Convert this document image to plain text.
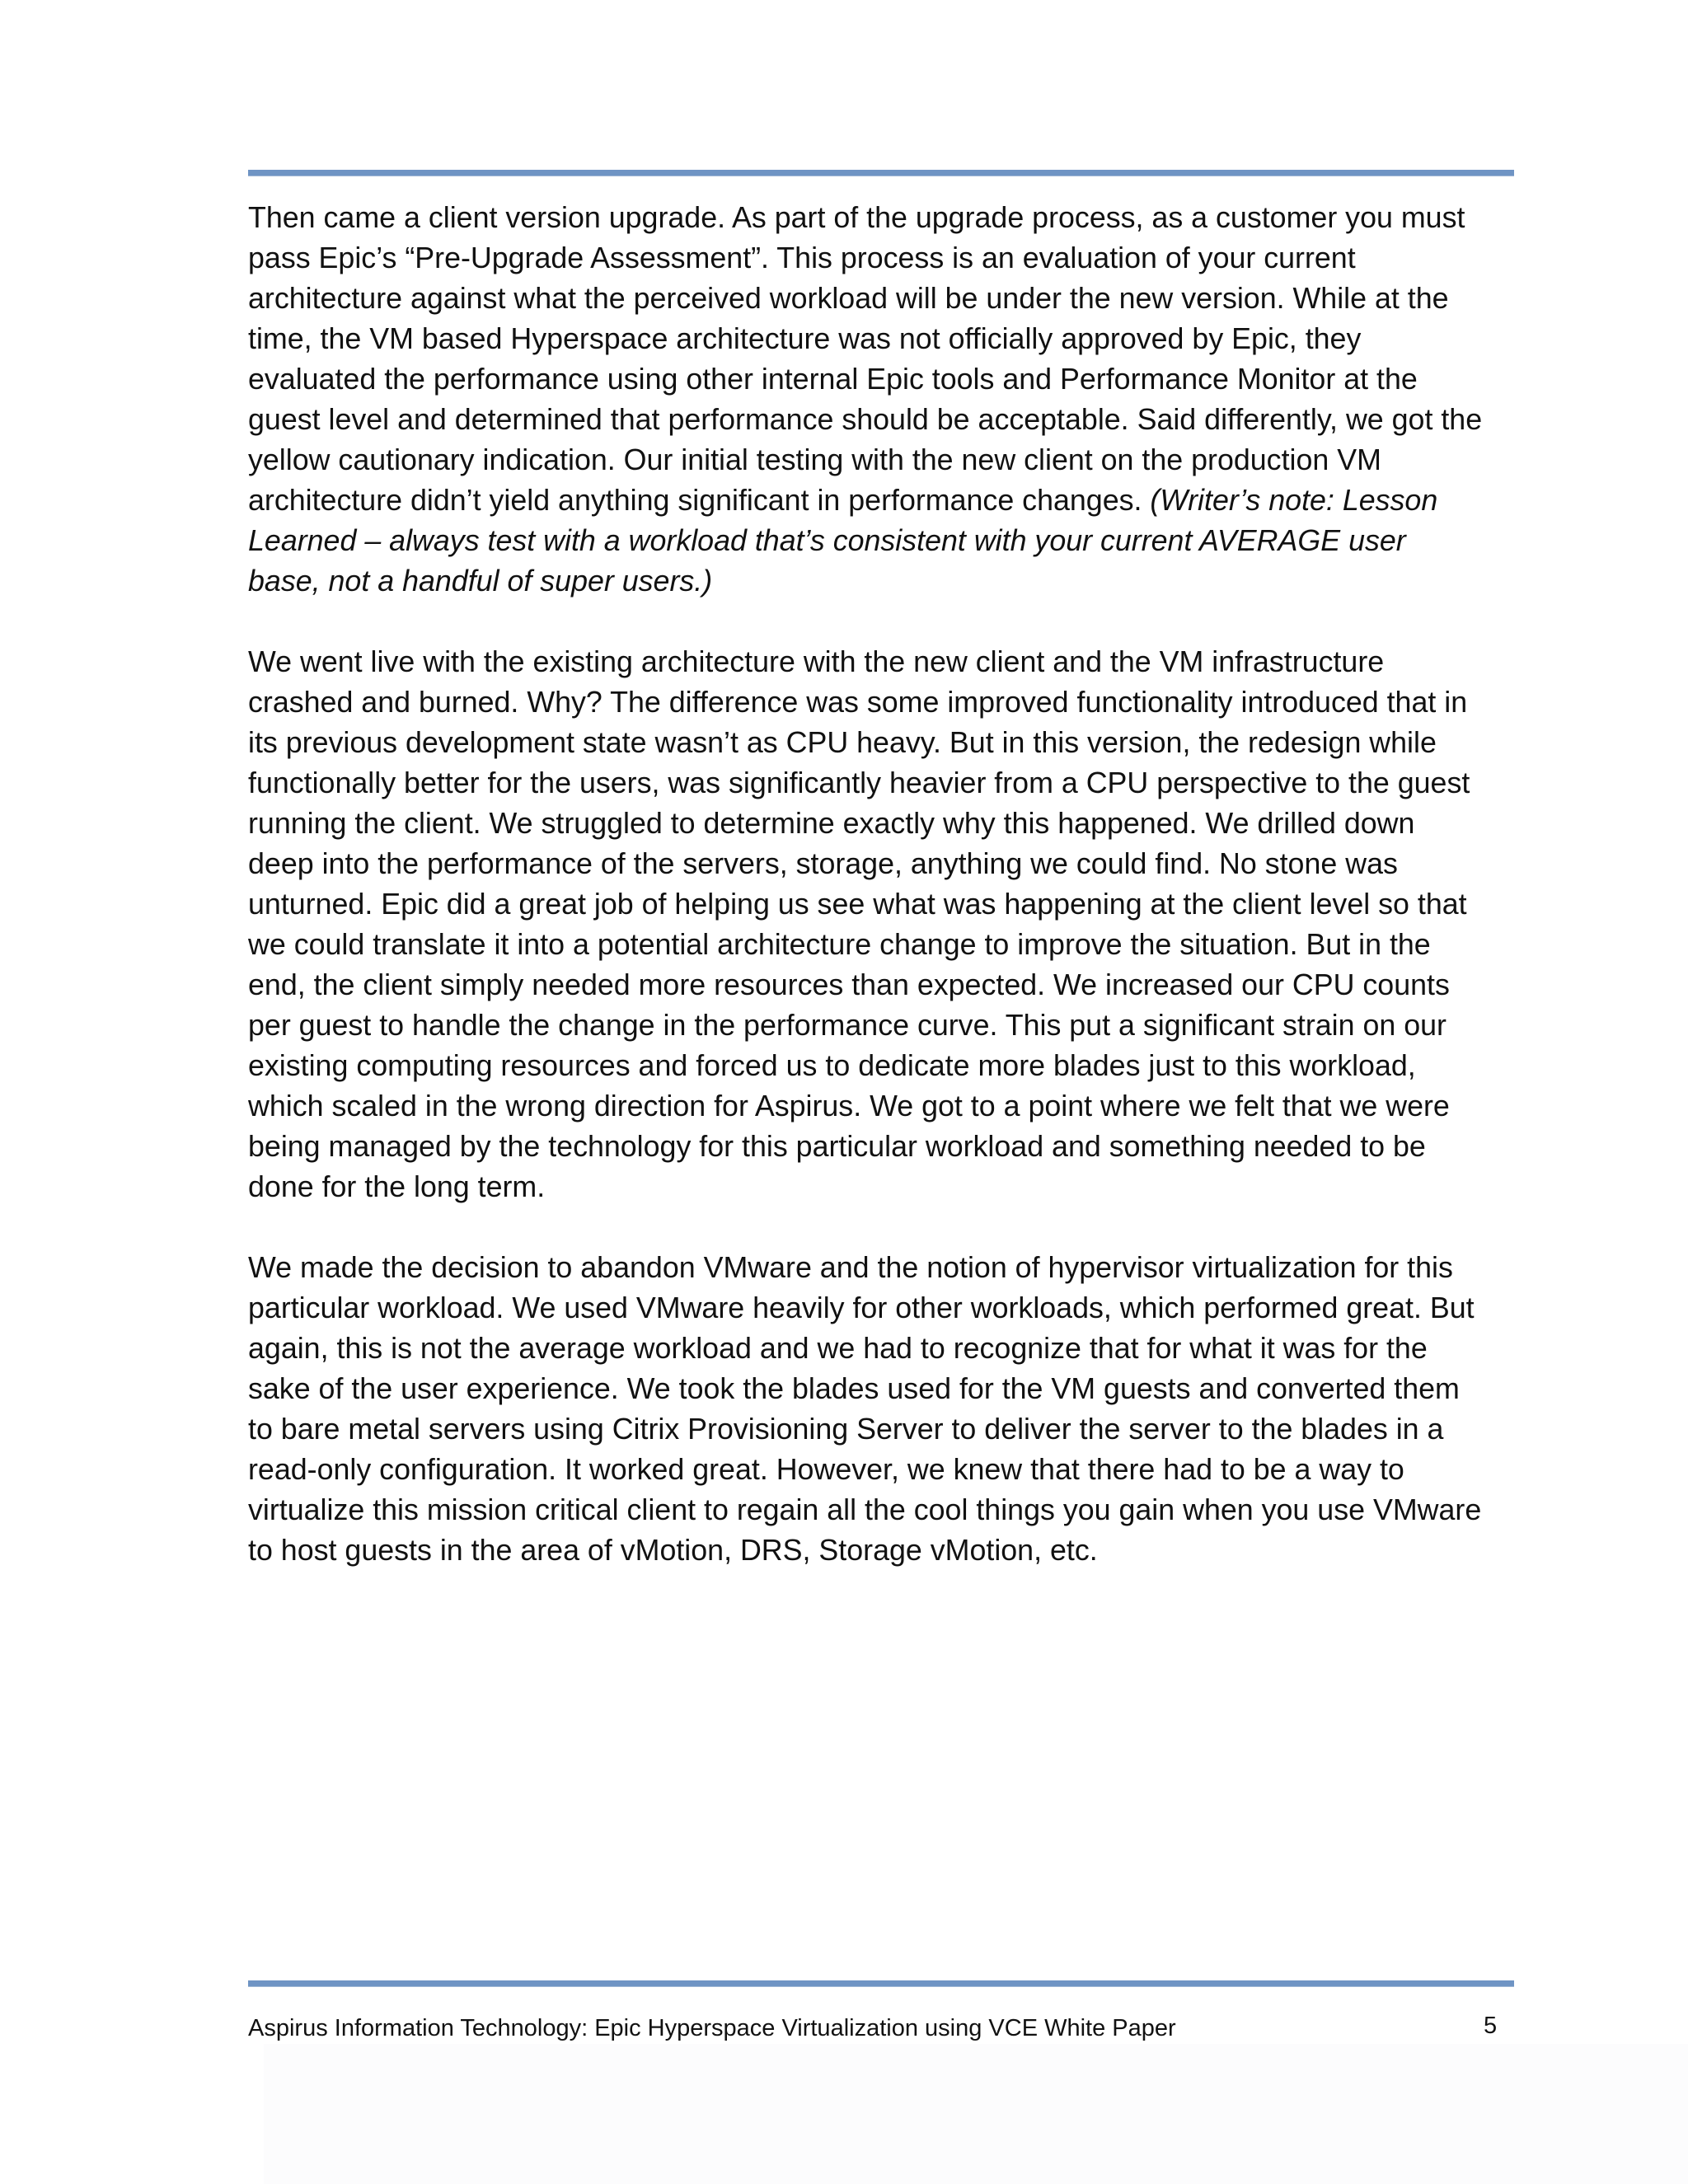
Then came a client version upgrade. As part of the upgrade process, as a customer you must pass Epic’s “Pre-Upgrade Assessment”. This process is an evaluation of your current architecture against what the perceived workload will be under the new version. While at the time, the VM based Hyperspace architecture was not officially approved by Epic, they evaluated the performance using other internal Epic tools and Performance Monitor at the guest level and determined that performance should be acceptable. Said differently, we got the yellow cautionary indication. Our initial testing with the new client on the production VM architecture didn’t yield anything significant in performance changes. (Writer’s note: Lesson Learned – always test with a workload that’s consistent with your current AVERAGE user base, not a handful of super users.)

We went live with the existing architecture with the new client and the VM infrastructure crashed and burned. Why? The difference was some improved functionality introduced that in its previous development state wasn’t as CPU heavy. But in this version, the redesign while functionally better for the users, was significantly heavier from a CPU perspective to the guest running the client. We struggled to determine exactly why this happened. We drilled down deep into the performance of the servers, storage, anything we could find. No stone was unturned. Epic did a great job of helping us see what was happening at the client level so that we could translate it into a potential architecture change to improve the situation. But in the end, the client simply needed more resources than expected. We increased our CPU counts per guest to handle the change in the performance curve. This put a significant strain on our existing computing resources and forced us to dedicate more blades just to this workload, which scaled in the wrong direction for Aspirus. We got to a point where we felt that we were being managed by the technology for this particular workload and something needed to be done for the long term.

We made the decision to abandon VMware and the notion of hypervisor virtualization for this particular workload. We used VMware heavily for other workloads, which performed great. But again, this is not the average workload and we had to recognize that for what it was for the sake of the user experience. We took the blades used for the VM guests and converted them to bare metal servers using Citrix Provisioning Server to deliver the server to the blades in a read-only configuration. It worked great. However, we knew that there had to be a way to virtualize this mission critical client to regain all the cool things you gain when you use VMware to host guests in the area of vMotion, DRS, Storage vMotion, etc.

Aspirus Information Technology: Epic Hyperspace Virtualization using VCE White Paper	5
